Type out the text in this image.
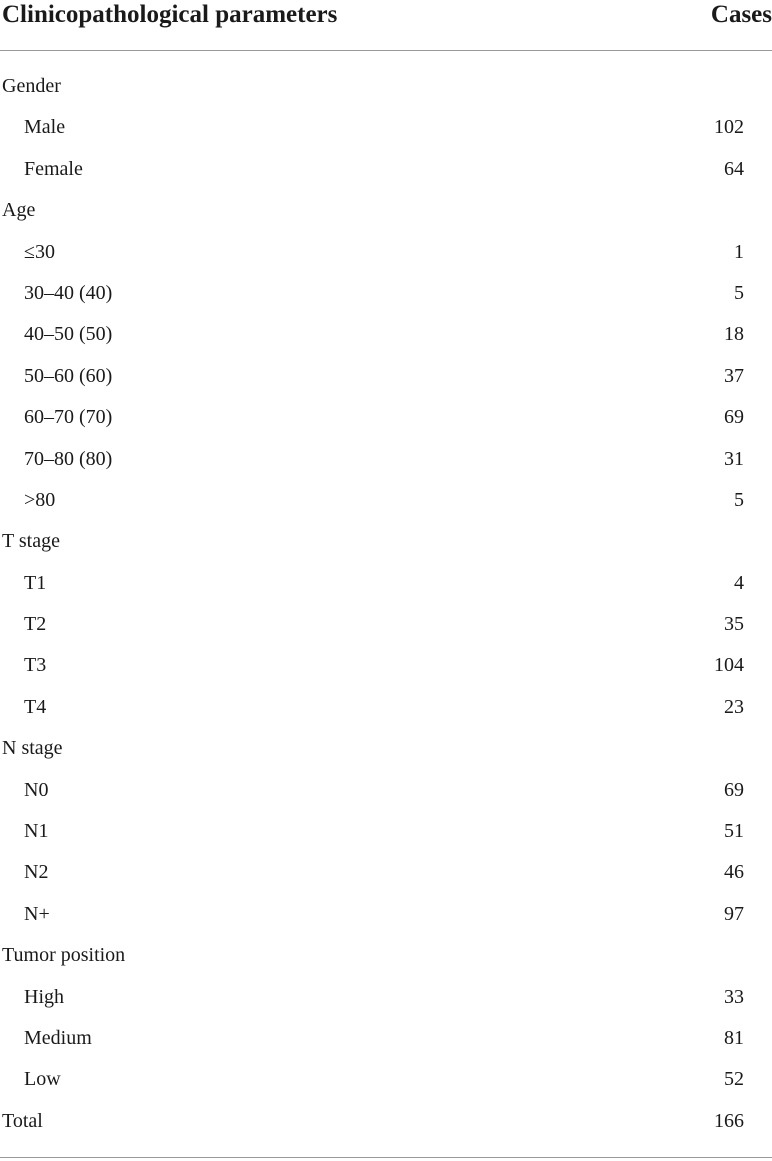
Clinicopathological parameters	Cases
Gender
Male	102
Female	64
Age
≤30	1
30–40 (40)	5
40–50 (50)	18
50–60 (60)	37
60–70 (70)	69
70–80 (80)	31
>80	5
T stage
T1	4
T2	35
T3	104
T4	23
N stage
N0	69
N1	51
N2	46
N+	97
Tumor position
High	33
Medium	81
Low	52
Total	166
